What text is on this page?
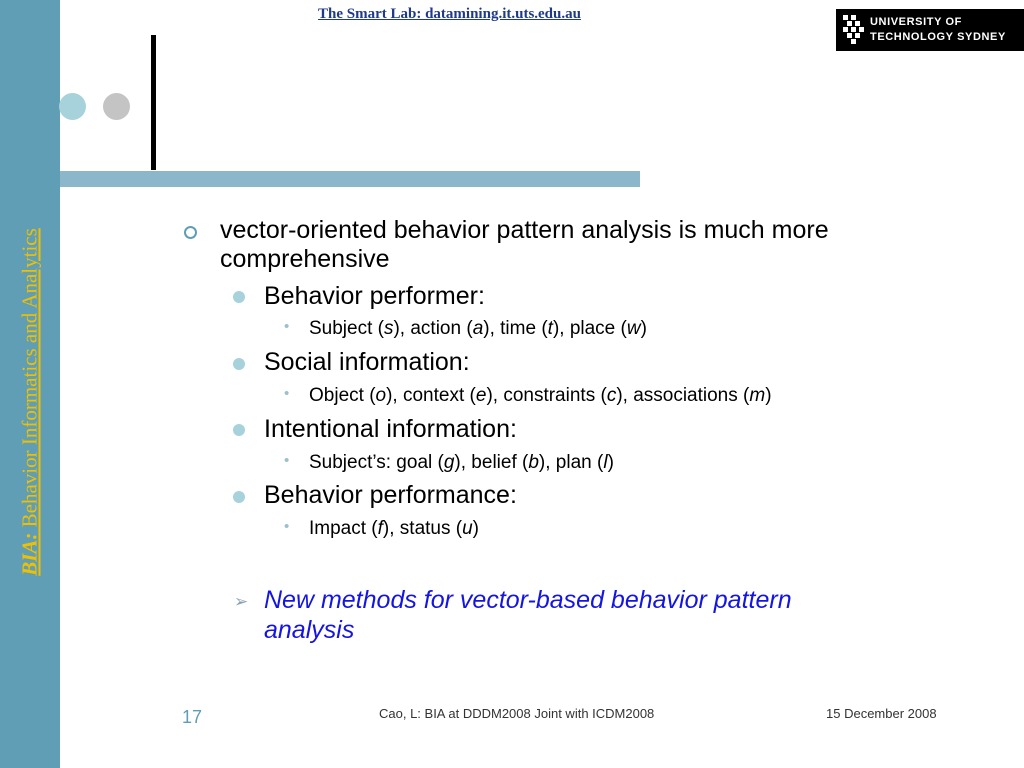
BIA: Behavior Informatics and Analytics
The Smart Lab: datamining.it.uts.edu.au	UNIVERSITY OF
TECHNOLOGY SYDNEY
vector-oriented behavior pattern analysis is much more
comprehensive
Behavior performer:
• Subject (s), action (a), time (t), place (w)
Social information:
• Object (o), context (e), constraints (c), associations (m)
Intentional information:
• Subject’s: goal (g), belief (b), plan (l)
Behavior performance:
• Impact (f), status (u)
➢ New methods for vector-based behavior pattern
analysis
17	Cao, L: BIA at DDDM2008 Joint with ICDM2008	15 December 2008
